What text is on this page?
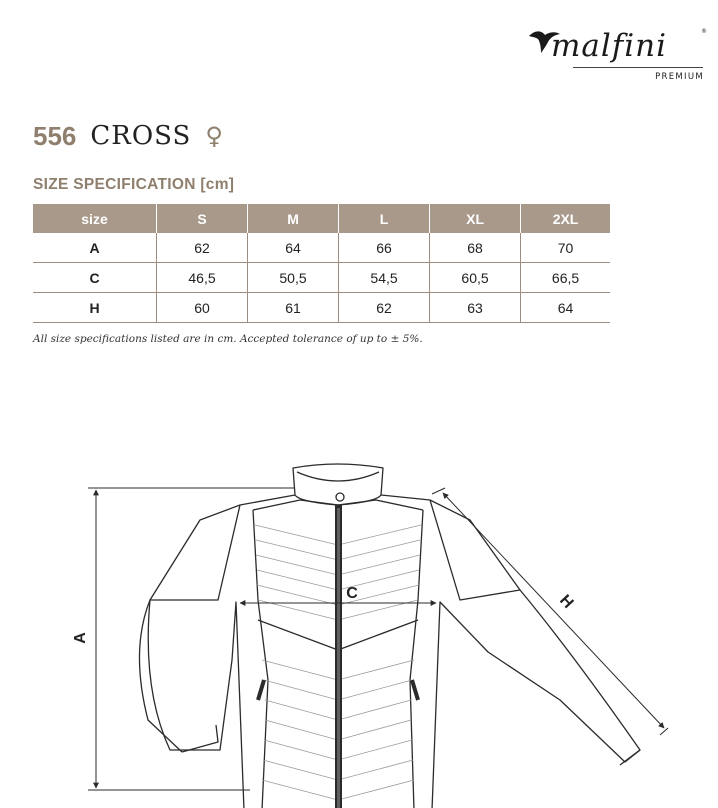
malfini	®
PREMIUM
556 CROSS ♀
SIZE SPECIFICATION [cm]
size	S	M	L	XL	2XL
A	62	64	66	68	70
C	46,5	50,5	54,5	60,5	66,5
H	60	61	62	63	64
All size specifications listed are in cm. Accepted tolerance of up to ± 5%.
A
C	H
